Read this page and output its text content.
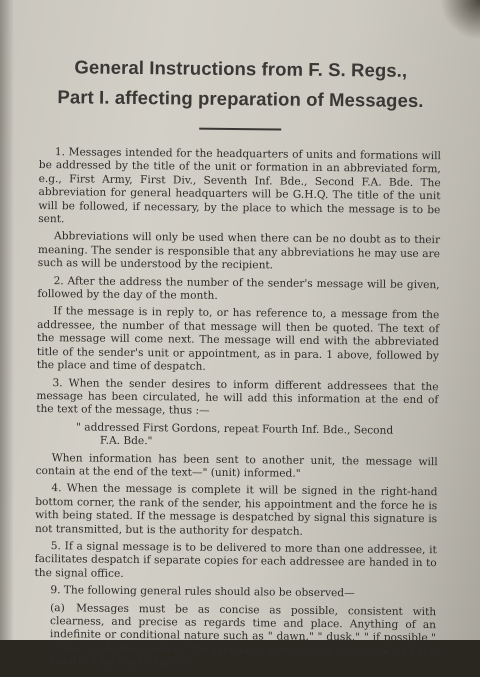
General Instructions from F. S. Regs.,
Part I. affecting preparation of Messages.

1. Messages intended for the headquarters of units and formations will be addressed by the title of the unit or formation in an abbreviated form, e.g., First Army, First Div., Seventh Inf. Bde., Second F.A. Bde. The abbreviation for general headquarters will be G.H.Q. The title of the unit will be followed, if necessary, by the place to which the message is to be sent.

Abbreviations will only be used when there can be no doubt as to their meaning. The sender is responsible that any abbreviations he may use are such as will be understood by the recipient.

2. After the address the number of the sender's message will be given, followed by the day of the month.

If the message is in reply to, or has reference to, a message from the addressee, the number of that message will then be quoted. The text of the message will come next. The message will end with the abbreviated title of the sender's unit or appointment, as in para. 1 above, followed by the place and time of despatch.

3. When the sender desires to inform different addressees that the message has been circulated, he will add this information at the end of the text of the message, thus :—

" addressed First Gordons, repeat Fourth Inf. Bde., Second

F.A. Bde."

When information has been sent to another unit, the message will contain at the end of the text—" (unit) informed."

4. When the message is complete it will be signed in the right-hand bottom corner, the rank of the sender, his appointment and the force he is with being stated. If the message is despatched by signal this signature is not transmitted, but is the authority for despatch.

5. If a signal message is to be delivered to more than one addressee, it facilitates despatch if separate copies for each addressee are handed in to the signal office.

9. The following general rules should also be observed—

(a) Messages must be as concise as possible, consistent with clearness, and precise as regards time and place. Anything of an indefinite or conditional nature such as " dawn," " dusk," " if possible," " may," is to be avoided. The language used should be simple and the handwriting easily legible.
